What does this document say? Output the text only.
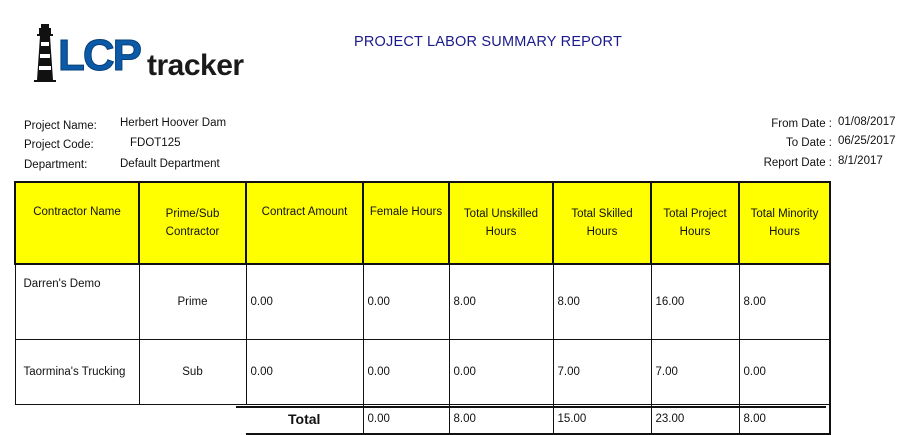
LCP tracker
PROJECT LABOR SUMMARY REPORT
Project Name:	Herbert Hoover Dam
Project Code:	FDOT125
Department:	Default Department
From Date : 01/08/2017
To Date : 06/25/2017
Report Date : 8/1/2017
Contractor Name	Prime/Sub Contractor	Contract Amount	Female Hours	Total Unskilled Hours	Total Skilled Hours	Total Project Hours	Total Minority Hours
Darren's Demo	Prime	0.00	0.00	8.00	8.00	16.00	8.00
Taormina's Trucking	Sub	0.00	0.00	0.00	7.00	7.00	0.00
		Total	0.00	8.00	15.00	23.00	8.00
